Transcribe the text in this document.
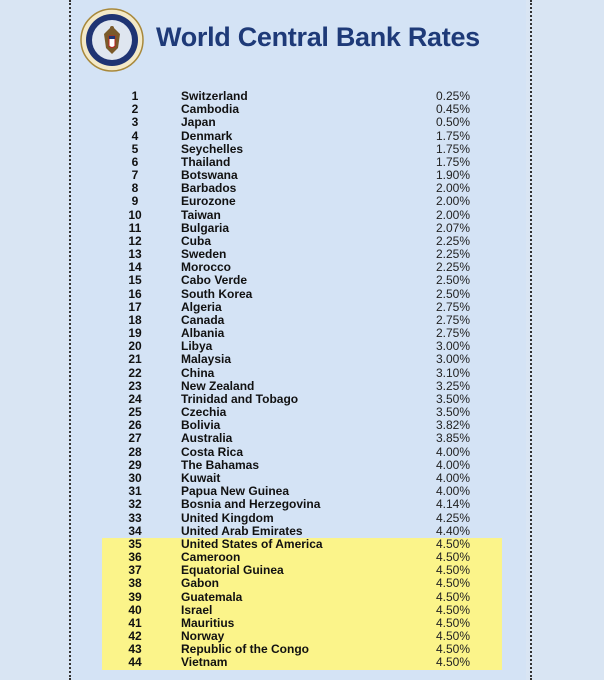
World Central Bank Rates
1	Switzerland	0.25%
2	Cambodia	0.45%
3	Japan	0.50%
4	Denmark	1.75%
5	Seychelles	1.75%
6	Thailand	1.75%
7	Botswana	1.90%
8	Barbados	2.00%
9	Eurozone	2.00%
10	Taiwan	2.00%
11	Bulgaria	2.07%
12	Cuba	2.25%
13	Sweden	2.25%
14	Morocco	2.25%
15	Cabo Verde	2.50%
16	South Korea	2.50%
17	Algeria	2.75%
18	Canada	2.75%
19	Albania	2.75%
20	Libya	3.00%
21	Malaysia	3.00%
22	China	3.10%
23	New Zealand	3.25%
24	Trinidad and Tobago	3.50%
25	Czechia	3.50%
26	Bolivia	3.82%
27	Australia	3.85%
28	Costa Rica	4.00%
29	The Bahamas	4.00%
30	Kuwait	4.00%
31	Papua New Guinea	4.00%
32	Bosnia and Herzegovina	4.14%
33	United Kingdom	4.25%
34	United Arab Emirates	4.40%
35	United States of America	4.50%
36	Cameroon	4.50%
37	Equatorial Guinea	4.50%
38	Gabon	4.50%
39	Guatemala	4.50%
40	Israel	4.50%
41	Mauritius	4.50%
42	Norway	4.50%
43	Republic of the Congo	4.50%
44	Vietnam	4.50%
